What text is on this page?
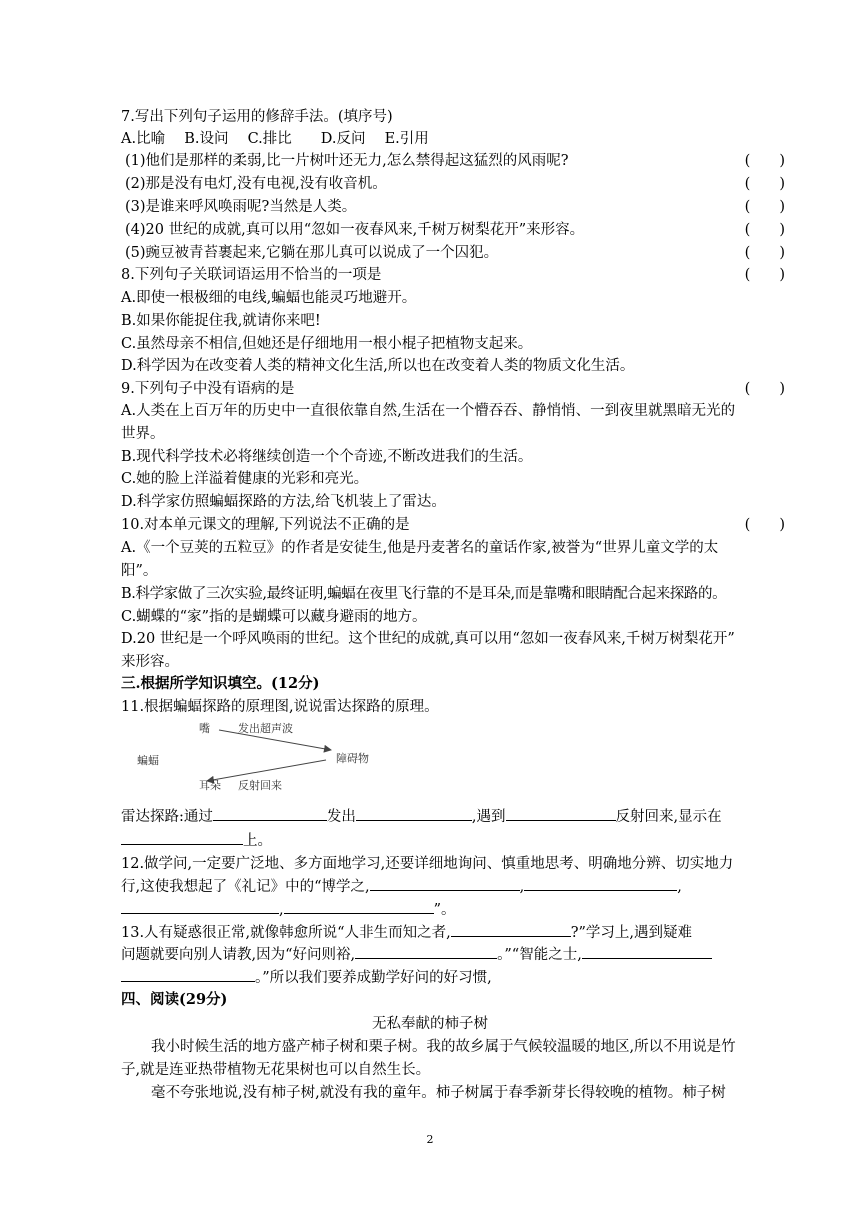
7.写出下列句子运用的修辞手法。(填序号)
A.比喻　 B.设问　 C.排比　　D.反问　 E.引用
(1)他们是那样的柔弱,比一片树叶还无力,怎么禁得起这猛烈的风雨呢?	(　　)
(2)那是没有电灯,没有电视,没有收音机。	(　　)
(3)是谁来呼风唤雨呢?当然是人类。	(　　)
(4)20 世纪的成就,真可以用“忽如一夜春风来,千树万树梨花开”来形容。	(　　)
(5)豌豆被青苔裹起来,它躺在那儿真可以说成了一个囚犯。	(　　)
8.下列句子关联词语运用不恰当的一项是	(　　)
A.即使一根极细的电线,蝙蝠也能灵巧地避开。
B.如果你能捉住我,就请你来吧!
C.虽然母亲不相信,但她还是仔细地用一根小棍子把植物支起来。
D.科学因为在改变着人类的精神文化生活,所以也在改变着人类的物质文化生活。
9.下列句子中没有语病的是	(　　)
A.人类在上百万年的历史中一直很依靠自然,生活在一个懵吞吞、静悄悄、一到夜里就黑暗无光的
世界。
B.现代科学技术必将继续创造一个个奇迹,不断改进我们的生活。
C.她的脸上洋溢着健康的光彩和亮光。
D.科学家仿照蝙蝠探路的方法,给飞机装上了雷达。
10.对本单元课文的理解,下列说法不正确的是	(　　)
A.《一个豆荚的五粒豆》的作者是安徒生,他是丹麦著名的童话作家,被誉为“世界儿童文学的太
阳”。
B.科学家做了三次实验,最终证明,蝙蝠在夜里飞行靠的不是耳朵,而是靠嘴和眼睛配合起来探路的。
C.蝴蝶的“家”指的是蝴蝶可以藏身避雨的地方。
D.20 世纪是一个呼风唤雨的世纪。这个世纪的成就,真可以用“忽如一夜春风来,千树万树梨花开”
来形容。
三.根据所学知识填空。(12分)
11.根据蝙蝠探路的原理图,说说雷达探路的原理。
嘴	发出超声波
蝙蝠	障碍物
耳朵 反射回来
雷达探路:通过	发出	,遇到	反射回来,显示在
上。
12.做学问,一定要广泛地、多方面地学习,还要详细地询问、慎重地思考、明确地分辨、切实地力
行,这使我想起了《礼记》中的“博学之,	,	,
,	”。
13.人有疑惑很正常,就像韩愈所说“人非生而知之者,	?”学习上,遇到疑难
问题就要向别人请教,因为“好问则裕,	。”“智能之士,
。”所以我们要养成勤学好问的好习惯,
四、阅读(29分)
无私奉献的柿子树
我小时候生活的地方盛产柿子树和栗子树。我的故乡属于气候较温暖的地区,所以不用说是竹
子,就是连亚热带植物无花果树也可以自然生长。
毫不夸张地说,没有柿子树,就没有我的童年。柿子树属于春季新芽长得较晚的植物。柿子树
2
